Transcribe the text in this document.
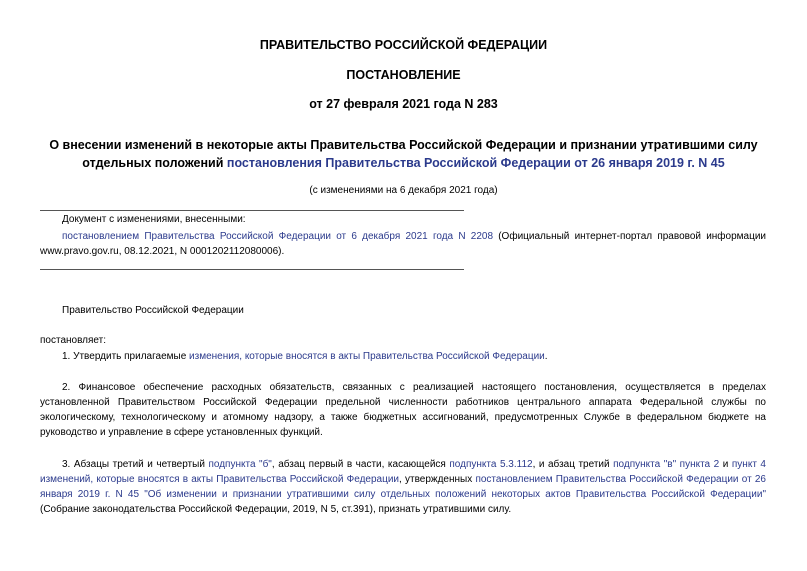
ПРАВИТЕЛЬСТВО РОССИЙСКОЙ ФЕДЕРАЦИИ
ПОСТАНОВЛЕНИЕ
от 27 февраля 2021 года N 283
О внесении изменений в некоторые акты Правительства Российской Федерации и признании утратившими силу отдельных положений постановления Правительства Российской Федерации от 26 января 2019 г. N 45
(с изменениями на 6 декабря 2021 года)
Документ с изменениями, внесенными:
постановлением Правительства Российской Федерации от 6 декабря 2021 года N 2208 (Официальный интернет-портал правовой информации www.pravo.gov.ru, 08.12.2021, N 0001202112080006).
Правительство Российской Федерации
постановляет:
1. Утвердить прилагаемые изменения, которые вносятся в акты Правительства Российской Федерации.
2. Финансовое обеспечение расходных обязательств, связанных с реализацией настоящего постановления, осуществляется в пределах установленной Правительством Российской Федерации предельной численности работников центрального аппарата Федеральной службы по экологическому, технологическому и атомному надзору, а также бюджетных ассигнований, предусмотренных Службе в федеральном бюджете на руководство и управление в сфере установленных функций.
3. Абзацы третий и четвертый подпункта "б", абзац первый в части, касающейся подпункта 5.3.112, и абзац третий подпункта "в" пункта 2 и пункт 4 изменений, которые вносятся в акты Правительства Российской Федерации, утвержденных постановлением Правительства Российской Федерации от 26 января 2019 г. N 45 "Об изменении и признании утратившими силу отдельных положений некоторых актов Правительства Российской Федерации" (Собрание законодательства Российской Федерации, 2019, N 5, ст.391), признать утратившими силу.
